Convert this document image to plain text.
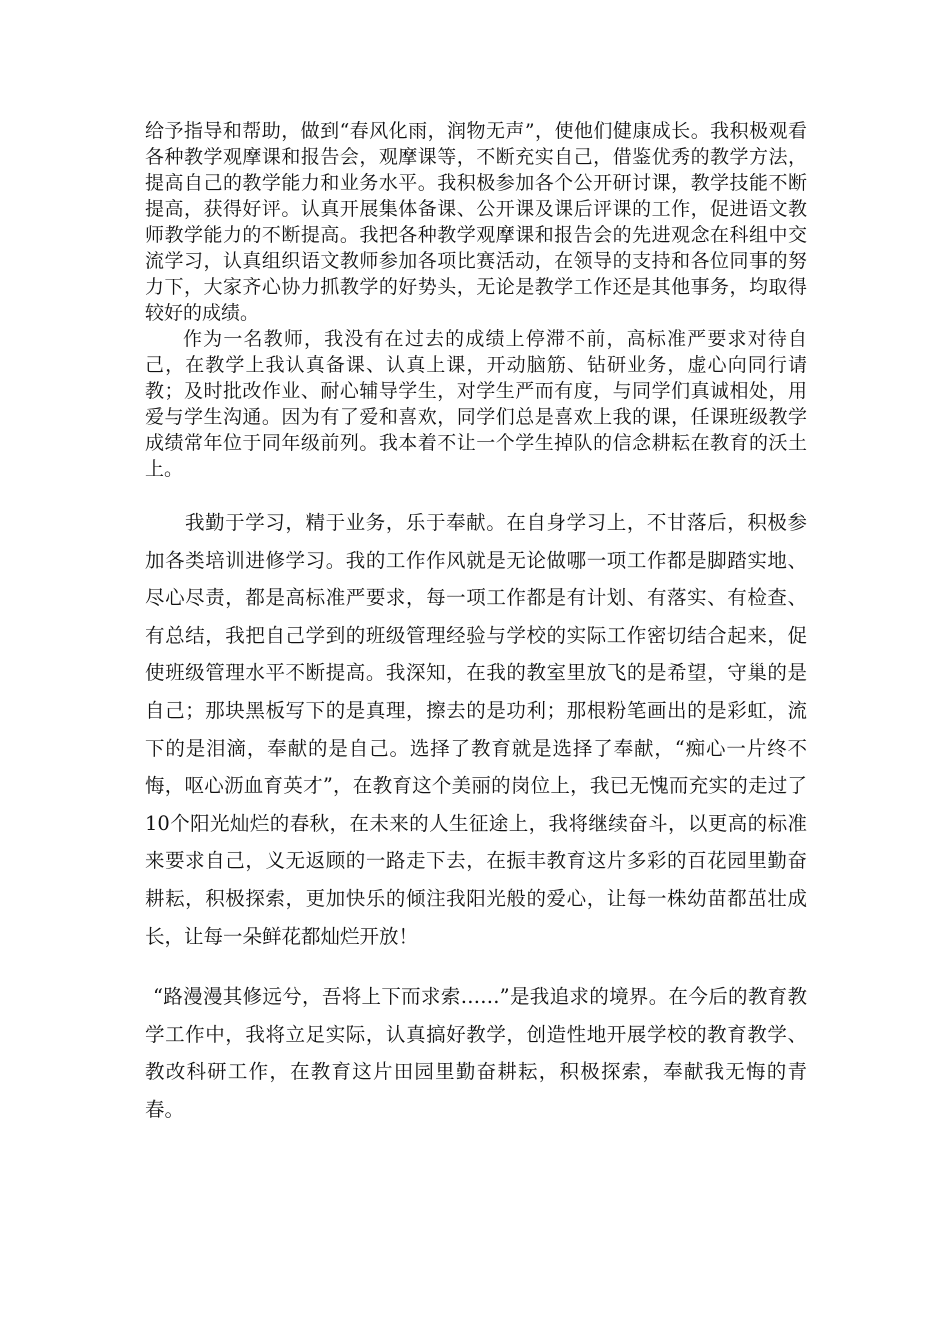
给予指导和帮助，做到“春风化雨，润物无声”，使他们健康成长。我积极观看各种教学观摩课和报告会，观摩课等，不断充实自己，借鉴优秀的教学方法，提高自己的教学能力和业务水平。我积极参加各个公开研讨课，教学技能不断提高，获得好评。认真开展集体备课、公开课及课后评课的工作，促进语文教师教学能力的不断提高。我把各种教学观摩课和报告会的先进观念在科组中交流学习，认真组织语文教师参加各项比赛活动，在领导的支持和各位同事的努力下，大家齐心协力抓教学的好势头，无论是教学工作还是其他事务，均取得较好的成绩。

作为一名教师，我没有在过去的成绩上停滞不前，高标准严要求对待自己，在教学上我认真备课、认真上课，开动脑筋、钻研业务，虚心向同行请教；及时批改作业、耐心辅导学生，对学生严而有度，与同学们真诚相处，用爱与学生沟通。因为有了爱和喜欢，同学们总是喜欢上我的课，任课班级教学成绩常年位于同年级前列。我本着不让一个学生掉队的信念耕耘在教育的沃土上。

我勤于学习，精于业务，乐于奉献。在自身学习上，不甘落后，积极参加各类培训进修学习。我的工作作风就是无论做哪一项工作都是脚踏实地、尽心尽责，都是高标准严要求，每一项工作都是有计划、有落实、有检查、有总结，我把自己学到的班级管理经验与学校的实际工作密切结合起来，促使班级管理水平不断提高。我深知，在我的教室里放飞的是希望，守巢的是自己；那块黑板写下的是真理，擦去的是功利；那根粉笔画出的是彩虹，流下的是泪滴，奉献的是自己。选择了教育就是选择了奉献，“痴心一片终不悔，呕心沥血育英才”，在教育这个美丽的岗位上，我已无愧而充实的走过了10个阳光灿烂的春秋，在未来的人生征途上，我将继续奋斗，以更高的标准来要求自己，义无返顾的一路走下去，在振丰教育这片多彩的百花园里勤奋耕耘，积极探索，更加快乐的倾注我阳光般的爱心，让每一株幼苗都茁壮成长，让每一朵鲜花都灿烂开放！

“路漫漫其修远兮，吾将上下而求索……”是我追求的境界。在今后的教育教学工作中，我将立足实际，认真搞好教学，创造性地开展学校的教育教学、教改科研工作，在教育这片田园里勤奋耕耘，积极探索，奉献我无悔的青春。
